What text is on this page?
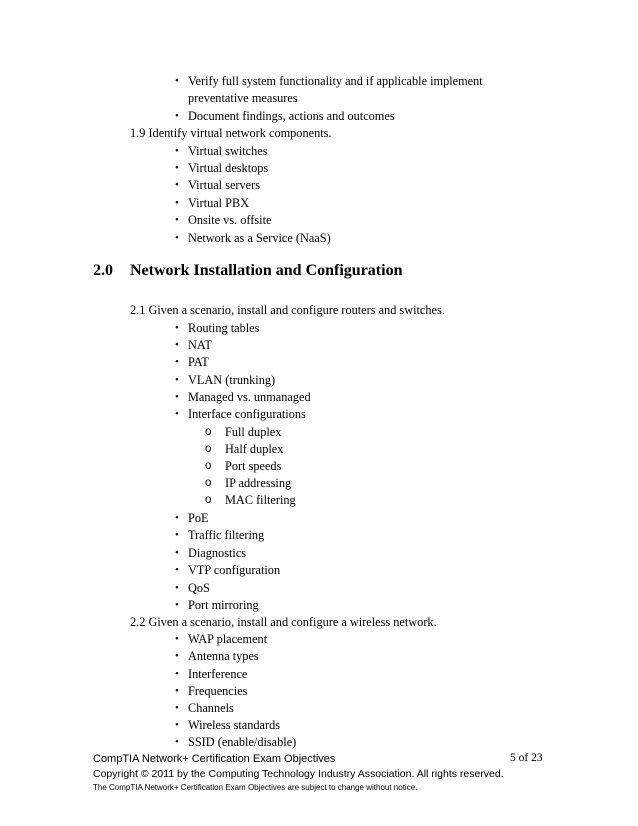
• Verify full system functionality and if applicable implement
preventative measures
• Document findings, actions and outcomes
1.9 Identify virtual network components.
• Virtual switches
• Virtual desktops
• Virtual servers
• Virtual PBX
• Onsite vs. offsite
• Network as a Service (NaaS)
2.0 Network Installation and Configuration
2.1 Given a scenario, install and configure routers and switches.
• Routing tables
• NAT
• PAT
• VLAN (trunking)
• Managed vs. unmanaged
• Interface configurations
o Full duplex
o Half duplex
o Port speeds
o IP addressing
o MAC filtering
• PoE
• Traffic filtering
• Diagnostics
• VTP configuration
• QoS
• Port mirroring
2.2 Given a scenario, install and configure a wireless network.
• WAP placement
• Antenna types
• Interference
• Frequencies
• Channels
• Wireless standards
• SSID (enable/disable)
CompTIA Network+ Certification Exam Objectives	5 of 23
Copyright © 2011 by the Computing Technology Industry Association. All rights reserved.
The CompTIA Network+ Certification Exam Objectives are subject to change without notice.
